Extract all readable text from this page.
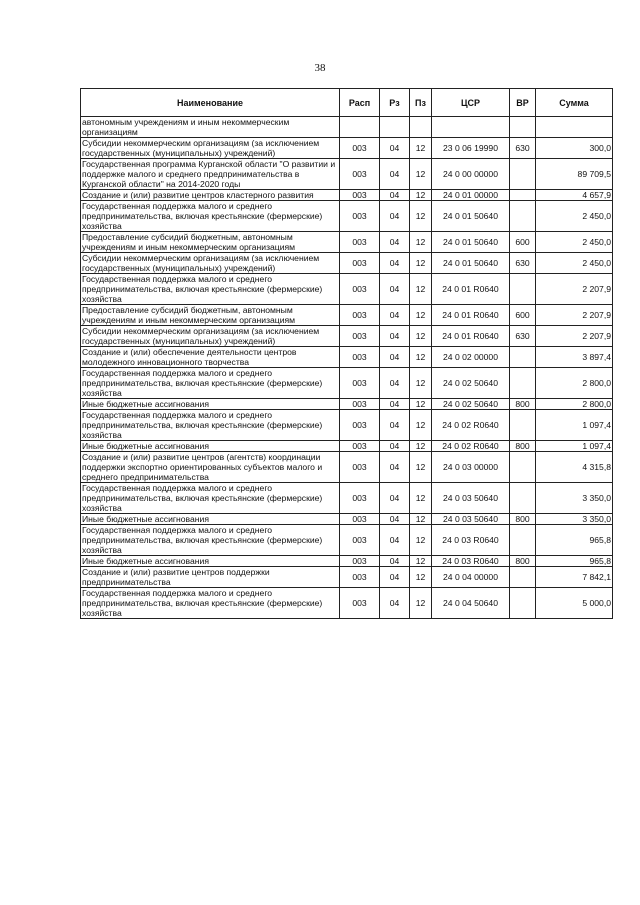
38
Наименование	Расп	Рз	Пз	ЦСР	ВР	Сумма
автономным учреждениям и иным некоммерческим организациям						
Субсидии некоммерческим организациям (за исключением государственных (муниципальных) учреждений)	003	04	12	23 0 06 19990	630	300,0
Государственная программа Курганской области "О развитии и поддержке малого и среднего предпринимательства в Курганской области" на 2014-2020 годы	003	04	12	24 0 00 00000		89 709,5
Создание и (или) развитие центров кластерного развития	003	04	12	24 0 01 00000		4 657,9
Государственная поддержка малого и среднего предпринимательства, включая крестьянские (фермерские) хозяйства	003	04	12	24 0 01 50640		2 450,0
Предоставление субсидий бюджетным, автономным учреждениям и иным некоммерческим организациям	003	04	12	24 0 01 50640	600	2 450,0
Субсидии некоммерческим организациям (за исключением государственных (муниципальных) учреждений)	003	04	12	24 0 01 50640	630	2 450,0
Государственная поддержка малого и среднего предпринимательства, включая крестьянские (фермерские) хозяйства	003	04	12	24 0 01 R0640		2 207,9
Предоставление субсидий бюджетным, автономным учреждениям и иным некоммерческим организациям	003	04	12	24 0 01 R0640	600	2 207,9
Субсидии некоммерческим организациям (за исключением государственных (муниципальных) учреждений)	003	04	12	24 0 01 R0640	630	2 207,9
Создание и (или) обеспечение деятельности центров молодежного инновационного творчества	003	04	12	24 0 02 00000		3 897,4
Государственная поддержка малого и среднего предпринимательства, включая крестьянские (фермерские) хозяйства	003	04	12	24 0 02 50640		2 800,0
Иные бюджетные ассигнования	003	04	12	24 0 02 50640	800	2 800,0
Государственная поддержка малого и среднего предпринимательства, включая крестьянские (фермерские) хозяйства	003	04	12	24 0 02 R0640		1 097,4
Иные бюджетные ассигнования	003	04	12	24 0 02 R0640	800	1 097,4
Создание и (или) развитие центров (агентств) координации поддержки экспортно ориентированных субъектов малого и среднего предпринимательства	003	04	12	24 0 03 00000		4 315,8
Государственная поддержка малого и среднего предпринимательства, включая крестьянские (фермерские) хозяйства	003	04	12	24 0 03 50640		3 350,0
Иные бюджетные ассигнования	003	04	12	24 0 03 50640	800	3 350,0
Государственная поддержка малого и среднего предпринимательства, включая крестьянские (фермерские) хозяйства	003	04	12	24 0 03 R0640		965,8
Иные бюджетные ассигнования	003	04	12	24 0 03 R0640	800	965,8
Создание и (или) развитие центров поддержки предпринимательства	003	04	12	24 0 04 00000		7 842,1
Государственная поддержка малого и среднего предпринимательства, включая крестьянские (фермерские) хозяйства	003	04	12	24 0 04 50640		5 000,0
